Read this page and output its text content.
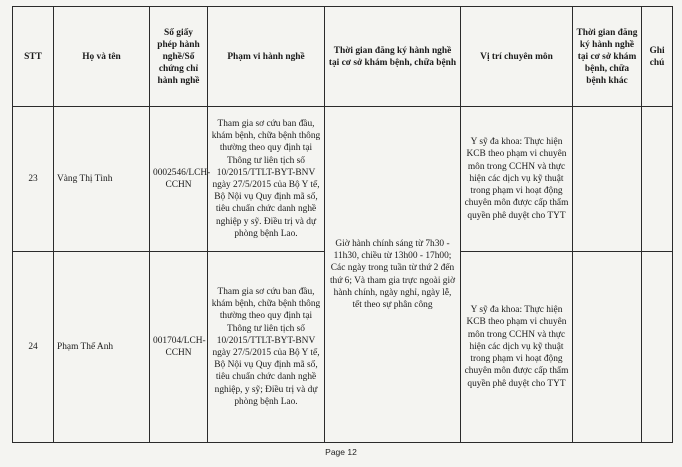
STT	Họ và tên	Số giấy phép hành nghề/Số chứng chỉ hành nghề	Phạm vi hành nghề	Thời gian đăng ký hành nghề tại cơ sở khám bệnh, chữa bệnh	Vị trí chuyên môn	Thời gian đăng ký hành nghề tại cơ sở khám bệnh, chữa bệnh khác	Ghi chú
23	Vàng Thị Tình	0002546/LCH-CCHN	Tham gia sơ cứu ban đầu, khám bệnh, chữa bệnh thông thường theo quy định tại Thông tư liên tịch số 10/2015/TTLT-BYT-BNV ngày 27/5/2015 của Bộ Y tế, Bộ Nội vụ Quy định mã số, tiêu chuẩn chức danh nghề nghiệp y sỹ. Điều trị và dự phòng bệnh Lao.	Giờ hành chính sáng từ 7h30 - 11h30, chiều từ 13h00 - 17h00; Các ngày trong tuần từ thứ 2 đến thứ 6; Và tham gia trực ngoài giờ hành chính, ngày nghỉ, ngày lễ, tết theo sự phân công	Y sỹ đa khoa: Thực hiện KCB theo phạm vi chuyên môn trong CCHN và thực hiện các dịch vụ kỹ thuật trong phạm vi hoạt động chuyên môn được cấp thẩm quyền phê duyệt cho TYT		
24	Phạm Thế Anh	001704/LCH-CCHN	Tham gia sơ cứu ban đầu, khám bệnh, chữa bệnh thông thường theo quy định tại Thông tư liên tịch số 10/2015/TTLT-BYT-BNV ngày 27/5/2015 của Bộ Y tế, Bộ Nội vụ Quy định mã số, tiêu chuẩn chức danh nghề nghiệp, y sỹ; Điều trị và dự phòng bệnh Lao.		Y sỹ đa khoa: Thực hiện KCB theo phạm vi chuyên môn trong CCHN và thực hiện các dịch vụ kỹ thuật trong phạm vi hoạt động chuyên môn được cấp thẩm quyền phê duyệt cho TYT		
Page 12
